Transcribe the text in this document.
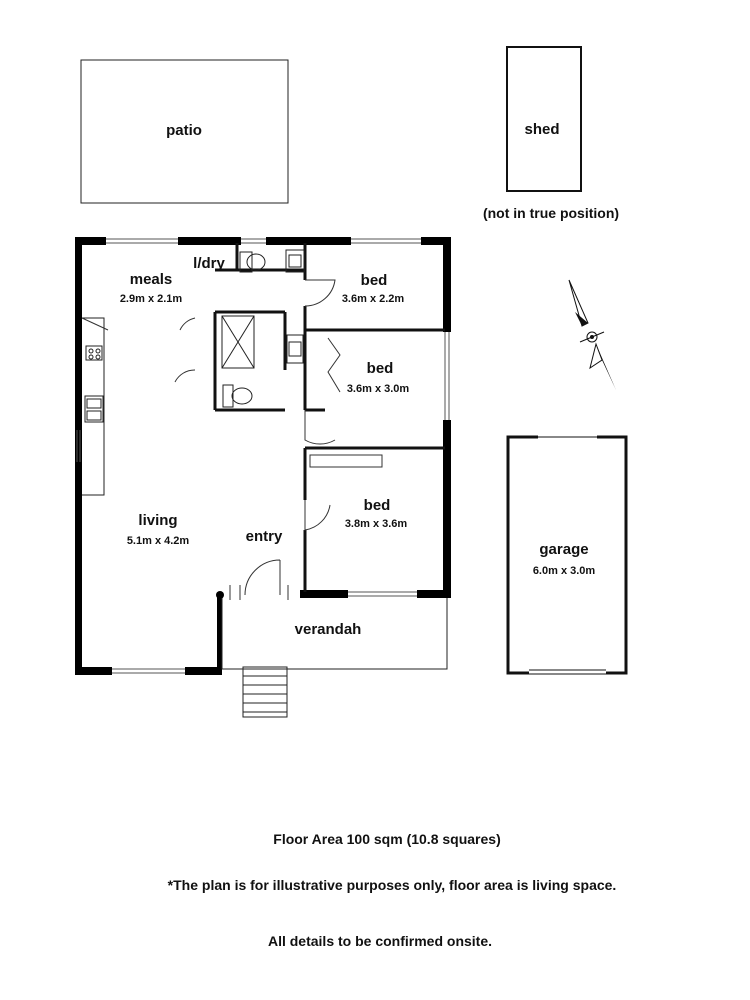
patio	shed
(not in true position)
l/dry
meals
2.9m x 2.1m
bed
3.6m x 2.2m
bed
3.6m x 3.0m
bed
3.8m x 3.6m
living
5.1m x 4.2m	entry
verandah
garage
6.0m x 3.0m
Floor Area 100 sqm (10.8 squares)
*The plan is for illustrative purposes only, floor area is living space.
All details to be confirmed onsite.
